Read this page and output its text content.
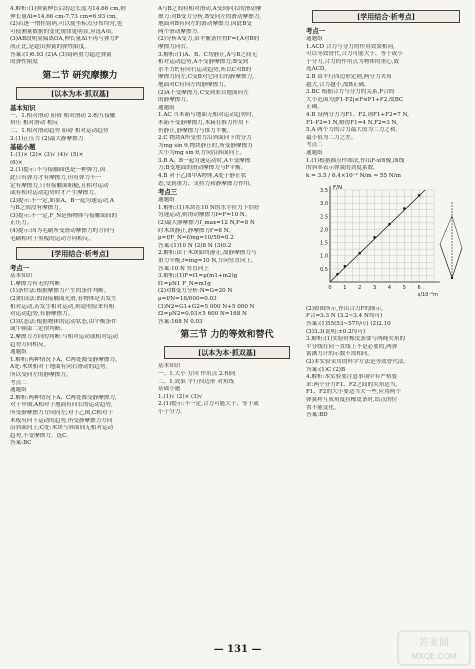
4.解析:(1)弹簧伸长后的总长度为14.66 cm,则
伸长量Δl=14.66 cm-7.73 cm=6.93 cm。
(2)若逐一增挂钩码,可以使坐标点分布均匀,也
可使测量数据的变化规律更明显,应选A项。
(3)AB段明显偏离OA,伸长量Δl不再与弹力F
成正比,是超出弹簧的弹性限度。
答案:(1)6.93 (2)A (3)钩码重力超过弹簧
的弹性限度
第二节 研究摩擦力
[以本为本·抓双基]
基本知识
一、1.相对滑动 阻碍 相对滑动 2.相互接触
挤压 相对滑动 相反
二、1.相对滑动趋势 阻碍 相对运动趋势
2.(1)正压力 (2)最大静摩擦力
基础小题
1.(1)× (2)× (3)√ (4)√ (5)×
(6)×
2.(1)提示:不与接触面也是一种弹力,因
此只有弹力才有摩擦力,但有弹力不一
定有摩擦力,只有接触面粗糙,且相对运动
或有相对运动趋势时才产生摩擦力。
(2)提示:不一定,如果A、B一起匀速运动,A
与B之间没有摩擦力。
(3)提示:不一定,F_N是指物体与接触面间的
正压力。
(4)提示:因为毛刷所受滑动摩擦力的方向与
毛刷相对于黑板的运动方向相反。
[学用结合·析考点]
考点一
基本知识
1.摩擦力有无的判断
(1)条件法:根据摩擦力产生的条件判断。
(2)假设法:假设接触面光滑,看物体是否发生
相对运动,若发生相对运动,则说明原来有相
对运动趋势,有静摩擦力。
(3)状态法:根据物体的运动状态,由平衡条件
或牛顿第二定律判断。
2.摩擦力方向的判断:与相对运动或相对运动
趋势方向相反。
通题组
1.解析:两种情况下A、C两处都受静摩擦力。
A处:木块相对于地面有向右滑动的趋势,
所以受向左的静摩擦力。
考点二
通题组
2.解析:两种情况下A、C两处都受静摩擦力,
对于甲图,A相对于地面有向右的运动趋势,
所受静摩擦力方向向左;对于乙图,C相对于
木板有向下运动的趋势,所受静摩擦力方向
沿斜面向上;C处:木块与斜面间无相对运动
趋势,不受摩擦力。选C。
答案:BC
A与B之间有相对滑动,A受到向右的滑动摩
擦力;对B受力分析,B受向左的滑动摩擦力,
地面对B有向左的滑动摩擦力,因此B受
两个滑动摩擦力。
(2)分析A受力,由平衡条件得F=f,A对B的
摩擦力向右。
3.解析:(1)A、B、C均静止,A与B之间无
相对运动趋势,A不受静摩擦力;B受到
水平力F,有向右运动趋势,所以C对B的
摩擦力向左;C受B对它向右的静摩擦力,
地面对C有向左的静摩擦力。
(2)A不受摩擦力,C受到来自地面向左
的静摩擦力。
通题组
1.AC 当木箱与地面无相对运动趋势时,
木箱不受静摩擦力,木箱在推力作用下
仍静止,静摩擦力与推力平衡。
2.C 物块A所受重力沿斜面向下的分力
为mg sin θ,物块静止时,所受静摩擦力
大小为mg sin θ,方向沿斜面向上。
3.B A、B一起匀速运动时,A不受摩擦
力;B受地面的滑动摩擦力与F平衡。
4.B 对于乙图中A物体,A处于静止状
态,受到重力、支持力和静摩擦力作用。
考点三
通题组
1.解析:(1)木块在10 N的水平拉力下恰好
匀速运动,则滑动摩擦力f=F=10 N。
(2)最大静摩擦力f_max=12 N,F=8 N
时木块静止,静摩擦力f'=8 N。
μ=f/F_N=f/mg=10/50=0.2
答案:(1)10 N (2)8 N (3)0.2
2.解析:由于木块始终静止,故静摩擦力与
重力平衡,f=mg=10 N,方向竖直向上。
答案:10 N 竖直向上
3.解析:(1)F=f1=μ(m1+m2)g
f1=μN1 F_N=m1g
(2)对B受力分析:N=G=20 N
μ=f/N=18/600=0.03
(3)N2=G1+G2=5 000 N+5 000 N
f2=μN2=0.03×5 600 N=168 N
答案:168 N 0.03
第三节 力的等效和替代
[以本为本·抓双基]
基本知识
一、1.大小 方向 作用点 2.相同
二、1.效果 平行四边形 对角线
基础小题
1.(1)√ (2)× (3)√
2.(1)提示:不一定,合力可能大于、等于或
小于分力。
[学用结合·析考点]
考点一
通题组
1.ACD 合力与分力的作用效果相同,
可以等效替代,合力可能大于、等于或小
于分力,合力的作用点为物体的重心,故
选ACD。
2.B 由平行四边形定则,两分力夹角
越大,合力越小,故B正确。
3.BC 根据合力与分力的关系,F合的
大小范围为|F1-F2|≤F≤F1+F2,故BC
正确。
4.B 设两分力为F1、F2,则F1+F2=7 N,
F1-F2=1 N,解得F1=4 N,F2=3 N。
5.A 两个力的合力最大值为二力之和,
最小值为二力之差。
考点二
通题组
1.(1)根据描点作图法,作出F-x图像,图线
的斜率表示弹簧的劲度系数。
k = 3.5 / 6.4×10⁻² N/m ≈ 55 N/m
0 1 2 3 4 5 6
0.5
1.0
1.5
2.0
2.5
3.0
3.5 F/N
x/10⁻²m
(2)如图所示,作出合力F的图示,
F合=3.3 N (3.2~3.4 N均可)
答案:(1)55(53~57均可) (2)2.10
(3)3.3(说明:±0.2均可)
3.解析:(1)实验时橡皮条要与两绳夹角的
平分线在同一直线上不是必要的,两弹
簧测力计的示数不需相同。
(2)本实验采用的科学方法是等效替代法。
答案:(1)C (2)B
4.解析:本实验要注意事项中有严格要
求:两个分力F1、F2之间的夹角适当,
F1、F2的大小要适当大一些,应用两个
弹簧秤互成角度拉橡皮条时,结点的位
置不能变化。
答案:BD
— 131 —
答案圈
MXQE.COM
